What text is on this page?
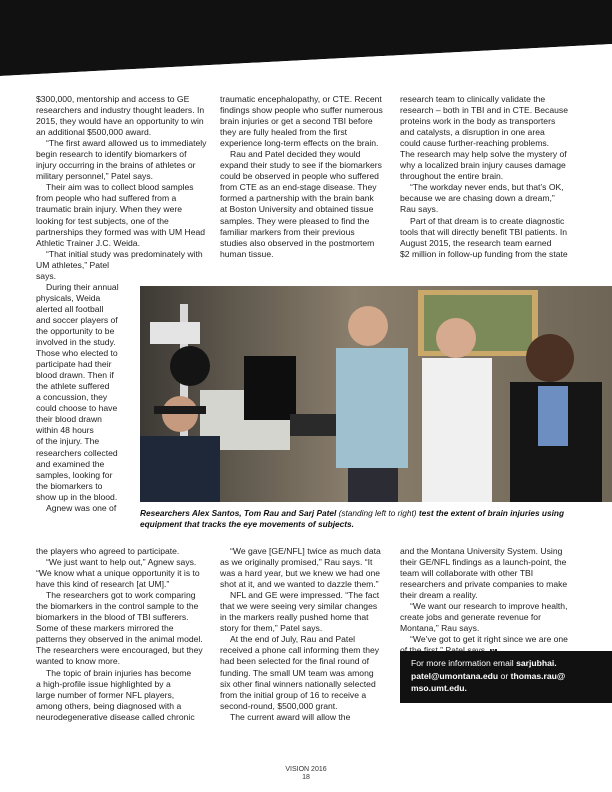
$300,000, mentorship and access to GE
researchers and industry thought leaders. In
2015, they would have an opportunity to win
an additional $500,000 award.

“The first award allowed us to immediately
begin research to identify biomarkers of
injury occurring in the brains of athletes or
military personnel,” Patel says.

Their aim was to collect blood samples
from people who had suffered from a
traumatic brain injury. When they were
looking for test subjects, one of the
partnerships they formed was with UM Head
Athletic Trainer J.C. Weida.

“That initial study was predominately with
UM athletes,” Patel
says.

During their annual
physicals, Weida
alerted all football
and soccer players of
the opportunity to be
involved in the study.
Those who elected to
participate had their
blood drawn. Then if
the athlete suffered
a concussion, they
could choose to have
their blood drawn
within 48 hours
of the injury. The
researchers collected
and examined the
samples, looking for
the biomarkers to
show up in the blood.

Agnew was one of

the players who agreed to participate.

“We just want to help out,” Agnew says.
“We know what a unique opportunity it is to
have this kind of research [at UM].”

The researchers got to work comparing
the biomarkers in the control sample to the
biomarkers in the blood of TBI sufferers.
Some of these markers mirrored the
patterns they observed in the animal model.
The researchers were encouraged, but they
wanted to know more.

The topic of brain injuries has become
a high-profile issue highlighted by a
large number of former NFL players,
among others, being diagnosed with a
neurodegenerative disease called chronic

traumatic encephalopathy, or CTE. Recent
findings show people who suffer numerous
brain injuries or get a second TBI before
they are fully healed from the first
experience long-term effects on the brain.

Rau and Patel decided they would
expand their study to see if the biomarkers
could be observed in people who suffered
from CTE as an end-stage disease. They
formed a partnership with the brain bank
at Boston University and obtained tissue
samples. They were pleased to find the
familiar markers from their previous
studies also observed in the postmortem
human tissue.

“We gave [GE/NFL] twice as much data
as we originally promised,” Rau says. “It
was a hard year, but we knew we had one
shot at it, and we wanted to dazzle them.”

NFL and GE were impressed. “The fact
that we were seeing very similar changes
in the markers really pushed home that
story for them,” Patel says.

At the end of July, Rau and Patel
received a phone call informing them they
had been selected for the final round of
funding. The small UM team was among
six other final winners nationally selected
from the initial group of 16 to receive a
second-round, $500,000 grant.

The current award will allow the

research team to clinically validate the
research – both in TBI and in CTE. Because
proteins work in the body as transporters
and catalysts, a disruption in one area
could cause further-reaching problems.
The research may help solve the mystery of
why a localized brain injury causes damage
throughout the entire brain.

“The workday never ends, but that’s OK,
because we are chasing down a dream,”
Rau says.

Part of that dream is to create diagnostic
tools that will directly benefit TBI patients. In
August 2015, the research team earned
$2 million in follow-up funding from the state

and the Montana University System. Using
their GE/NFL findings as a launch-point, the
team will collaborate with other TBI
researchers and private companies to make
their dream a reality.

“We want our research to improve health,
create jobs and generate revenue for
Montana,” Rau says.

“We’ve got to get it right since we are one

Researchers Alex Santos, Tom Rau and Sarj Patel (standing left to right) test the extent of brain injuries using
equipment that tracks the eye movements of subjects.
For more information email sarjubhai.
patel@umontana.edu or thomas.rau@
mso.umt.edu.
VISION 2016
18
